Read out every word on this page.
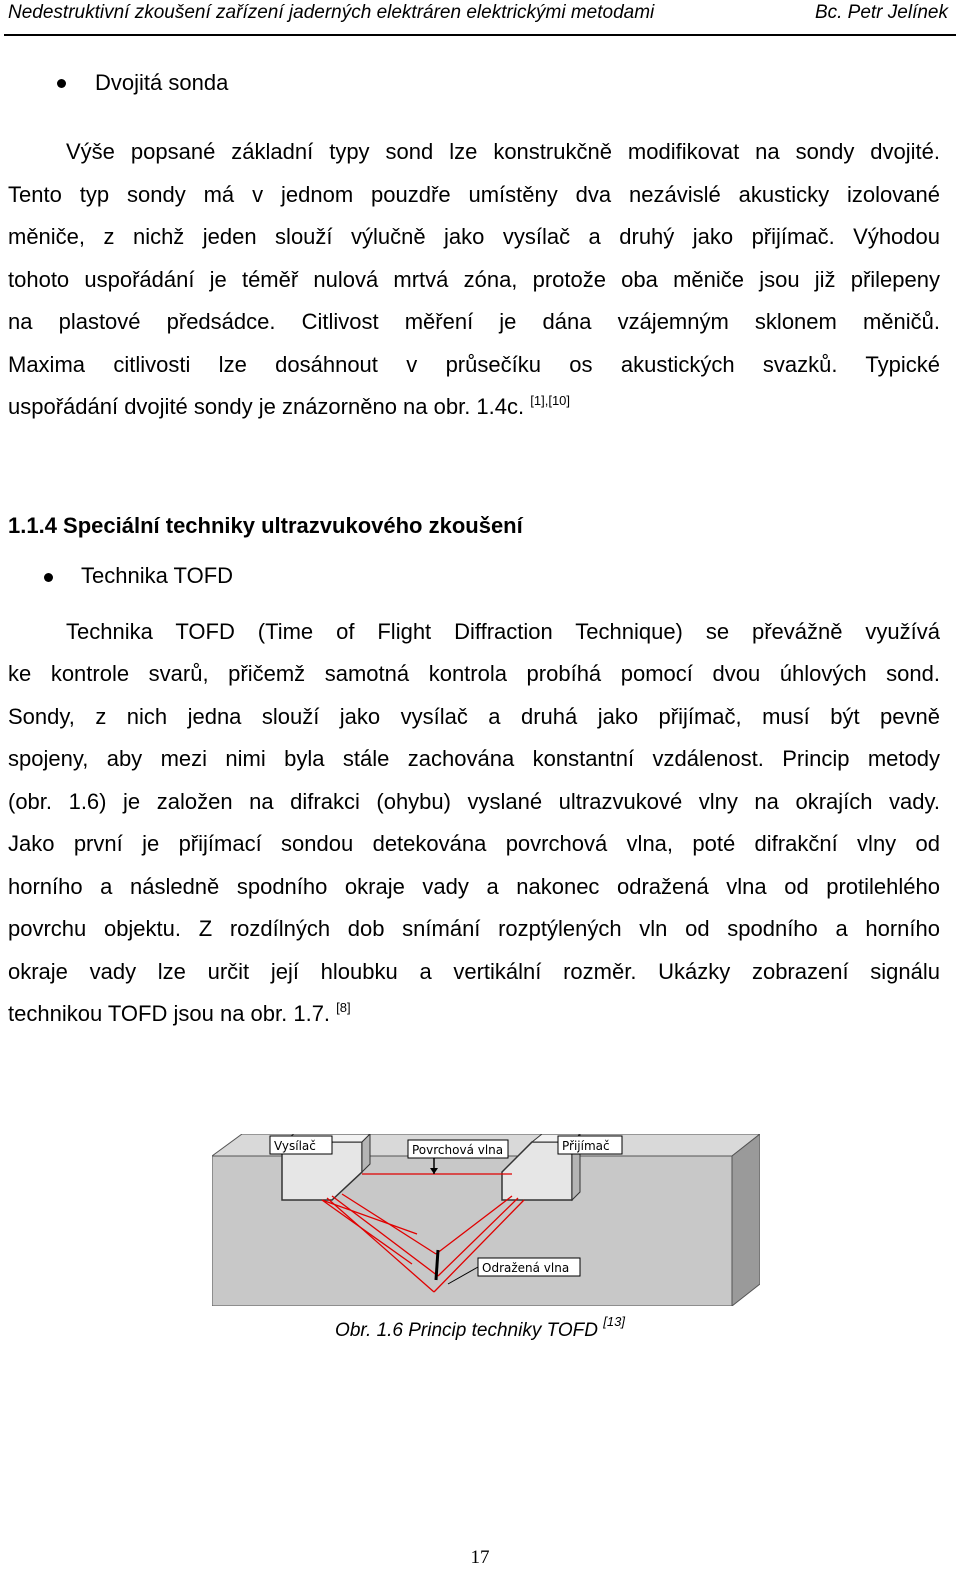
Nedestruktivní zkoušení zařízení jaderných elektráren elektrickými metodami	Bc. Petr Jelínek
Dvojitá sonda
Výše popsané základní typy sond lze konstrukčně modifikovat na sondy dvojité.
Tento typ sondy má v jednom pouzdře umístěny dva nezávislé akusticky izolované
měniče, z nichž jeden slouží výlučně jako vysílač a druhý jako přijímač. Výhodou
tohoto uspořádání je téměř nulová mrtvá zóna, protože oba měniče jsou již přilepeny
na plastové předsádce. Citlivost měření je dána vzájemným sklonem měničů.
Maxima citlivosti lze dosáhnout v průsečíku os akustických svazků. Typické
uspořádání dvojité sondy je znázorněno na obr. 1.4c. [1],[10]
1.1.4 Speciální techniky ultrazvukového zkoušení
Technika TOFD
Technika TOFD (Time of Flight Diffraction Technique) se převážně využívá
ke kontrole svarů, přičemž samotná kontrola probíhá pomocí dvou úhlových sond.
Sondy, z nich jedna slouží jako vysílač a druhá jako přijímač, musí být pevně
spojeny, aby mezi nimi byla stále zachována konstantní vzdálenost. Princip metody
(obr. 1.6) je založen na difrakci (ohybu) vyslané ultrazvukové vlny na okrajích vady.
Jako první je přijímací sondou detekována povrchová vlna, poté difrakční vlny od
horního a následně spodního okraje vady a nakonec odražená vlna od protilehlého
povrchu objektu. Z rozdílných dob snímání rozptýlených vln od spodního a horního
okraje vady lze určit její hloubku a vertikální rozměr. Ukázky zobrazení signálu
technikou TOFD jsou na obr. 1.7. [8]
Vysílač	Povrchová vlna	Přijímač
Odražená vlna
Obr. 1.6 Princip techniky TOFD [13]
17
